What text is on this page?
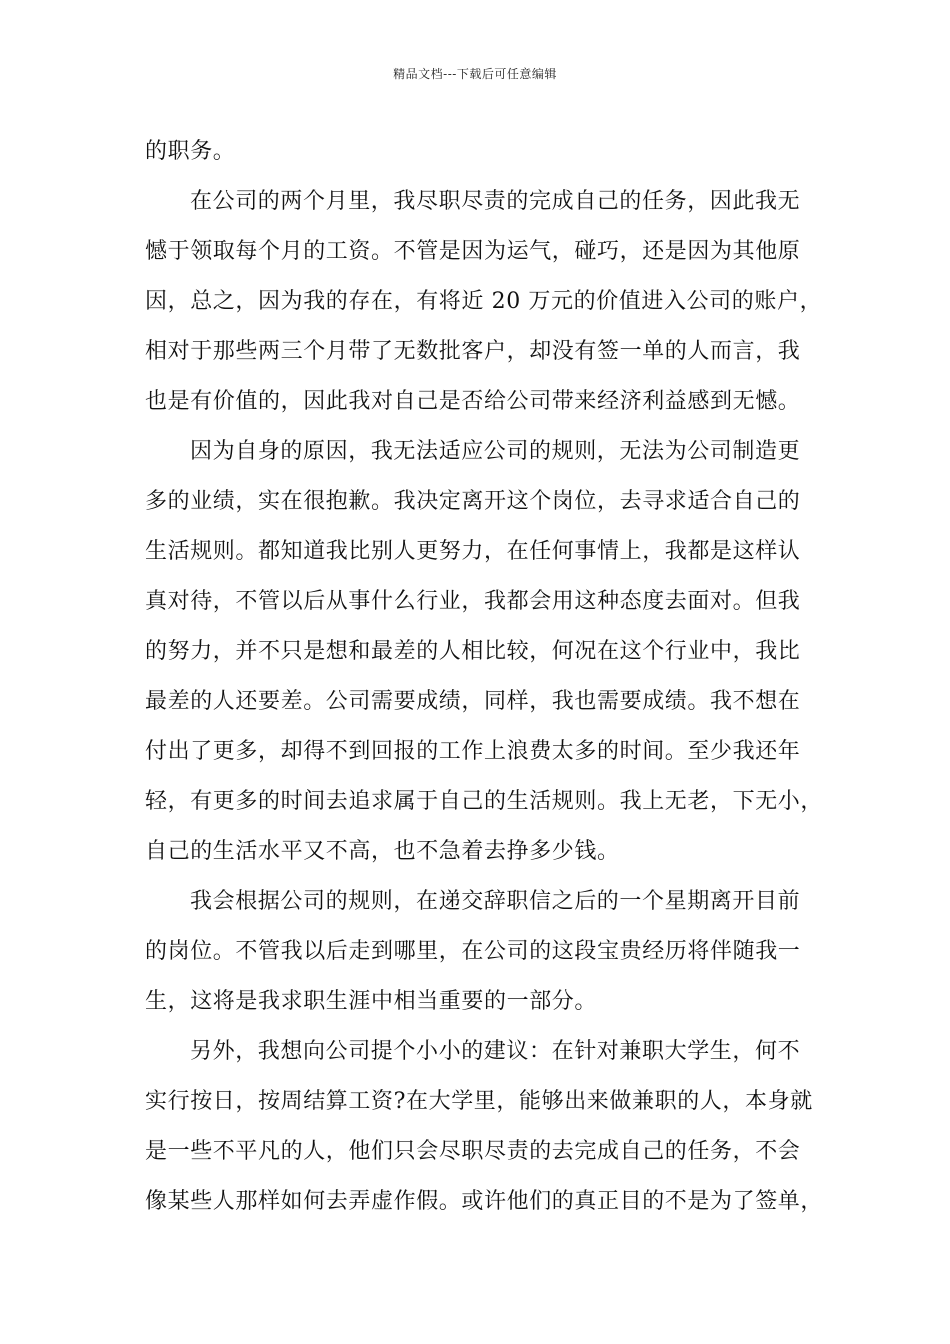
精品文档---下载后可任意编辑
的职务。
在公司的两个月里，我尽职尽责的完成自己的任务，因此我无
憾于领取每个月的工资。不管是因为运气，碰巧，还是因为其他原
因，总之，因为我的存在，有将近 20 万元的价值进入公司的账户，
相对于那些两三个月带了无数批客户，却没有签一单的人而言，我
也是有价值的，因此我对自己是否给公司带来经济利益感到无憾。
因为自身的原因，我无法适应公司的规则，无法为公司制造更
多的业绩，实在很抱歉。我决定离开这个岗位，去寻求适合自己的
生活规则。都知道我比别人更努力，在任何事情上，我都是这样认
真对待，不管以后从事什么行业，我都会用这种态度去面对。但我
的努力，并不只是想和最差的人相比较，何况在这个行业中，我比
最差的人还要差。公司需要成绩，同样，我也需要成绩。我不想在
付出了更多，却得不到回报的工作上浪费太多的时间。至少我还年
轻，有更多的时间去追求属于自己的生活规则。我上无老，下无小，
自己的生活水平又不高，也不急着去挣多少钱。
我会根据公司的规则，在递交辞职信之后的一个星期离开目前
的岗位。不管我以后走到哪里，在公司的这段宝贵经历将伴随我一
生，这将是我求职生涯中相当重要的一部分。
另外，我想向公司提个小小的建议：在针对兼职大学生，何不
实行按日，按周结算工资?在大学里，能够出来做兼职的人，本身就
是一些不平凡的人，他们只会尽职尽责的去完成自己的任务，不会
像某些人那样如何去弄虚作假。或许他们的真正目的不是为了签单，
